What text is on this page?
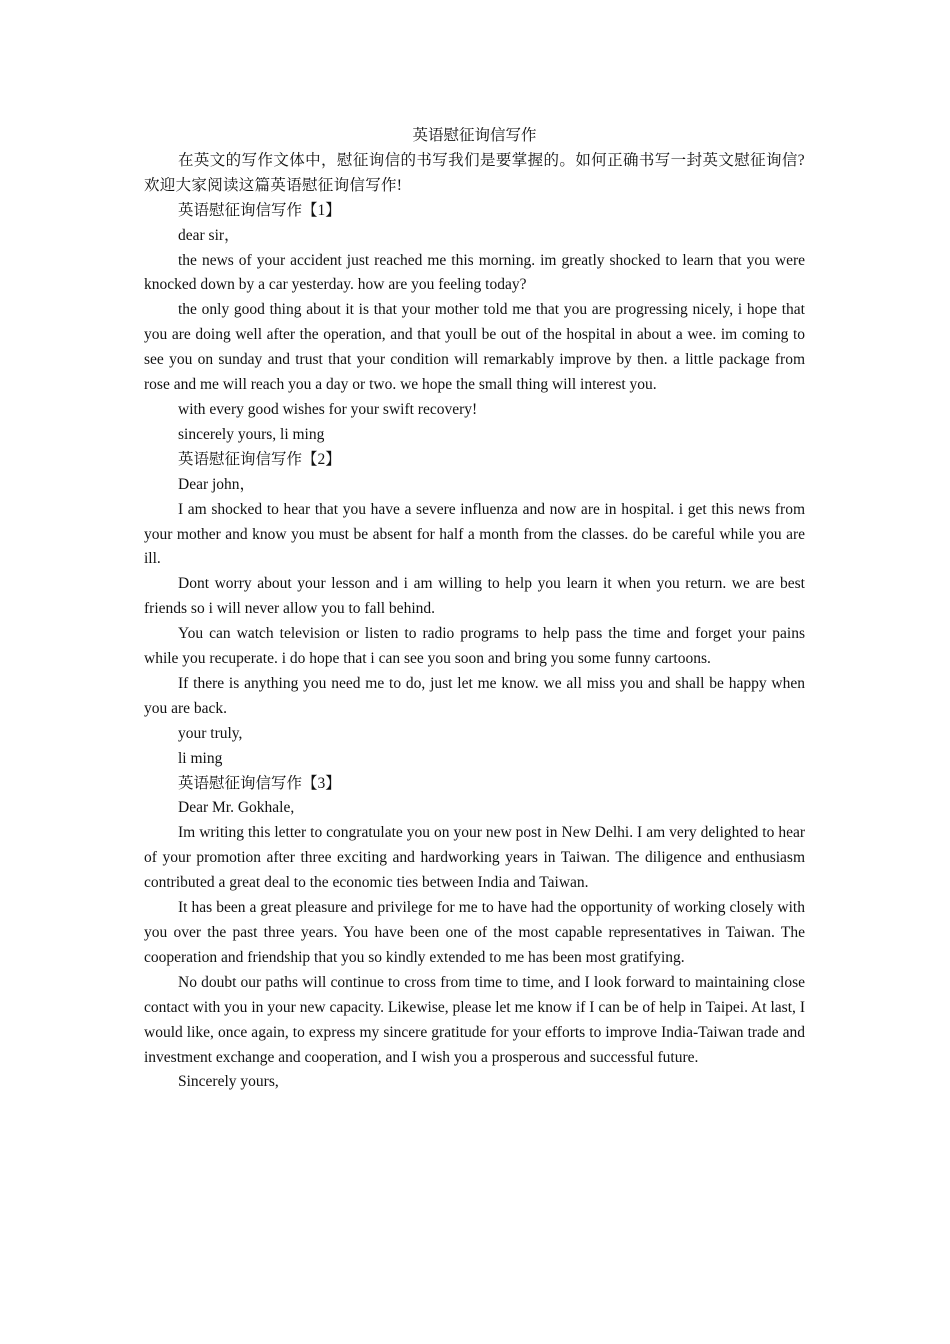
英语慰征询信写作

在英文的写作文体中，慰征询信的书写我们是要掌握的。如何正确书写一封英文慰征询信?欢迎大家阅读这篇英语慰征询信写作!

英语慰征询信写作【1】

dear sir，

the news of your accident just reached me this morning. im greatly shocked to learn that you were knocked down by a car yesterday. how are you feeling today?

the only good thing about it is that your mother told me that you are progressing nicely, i hope that you are doing well after the operation, and that youll be out of the hospital in about a wee. im coming to see you on sunday and trust that your condition will remarkably improve by then. a little package from rose and me will reach you a day or two. we hope the small thing will interest you.

with every good wishes for your swift recovery!

sincerely yours, li ming

英语慰征询信写作【2】

Dear john，

I am shocked to hear that you have a severe influenza and now are in hospital. i get this news from your mother and know you must be absent for half a month from the classes. do be careful while you are ill.

Dont worry about your lesson and i am willing to help you learn it when you return. we are best friends so i will never allow you to fall behind.

You can watch television or listen to radio programs to help pass the time and forget your pains while you recuperate. i do hope that i can see you soon and bring you some funny cartoons.

If there is anything you need me to do, just let me know. we all miss you and shall be happy when you are back.

your truly,

li ming

英语慰征询信写作【3】

Dear Mr. Gokhale,

Im writing this letter to congratulate you on your new post in New Delhi. I am very delighted to hear of your promotion after three exciting and hardworking years in Taiwan. The diligence and enthusiasm contributed a great deal to the economic ties between India and Taiwan.

It has been a great pleasure and privilege for me to have had the opportunity of working closely with you over the past three years. You have been one of the most capable representatives in Taiwan. The cooperation and friendship that you so kindly extended to me has been most gratifying.

No doubt our paths will continue to cross from time to time, and I look forward to maintaining close contact with you in your new capacity. Likewise, please let me know if I can be of help in Taipei. At last, I would like, once again, to express my sincere gratitude for your efforts to improve India-Taiwan trade and investment exchange and cooperation, and I wish you a prosperous and successful future.

Sincerely yours,
